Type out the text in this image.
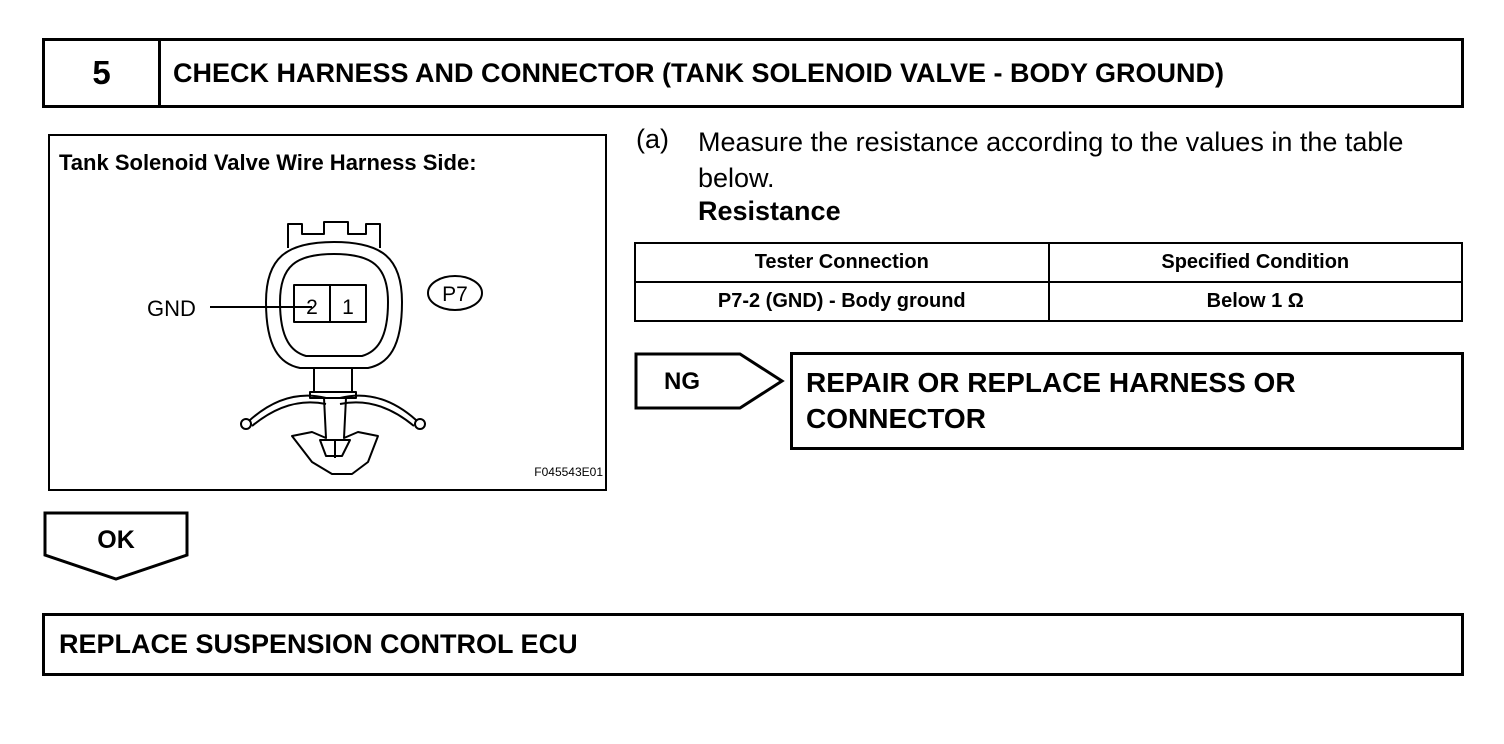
5	CHECK HARNESS AND CONNECTOR (TANK SOLENOID VALVE - BODY GROUND)
Tank Solenoid Valve Wire Harness Side:
GND	2 1
P7
F045543E01
(a) Measure the resistance according to the values in the table below.
Resistance
Tester Connection	Specified Condition
P7-2 (GND) - Body ground	Below 1 Ω
NG	REPAIR OR REPLACE HARNESS OR CONNECTOR
OK
REPLACE SUSPENSION CONTROL ECU
